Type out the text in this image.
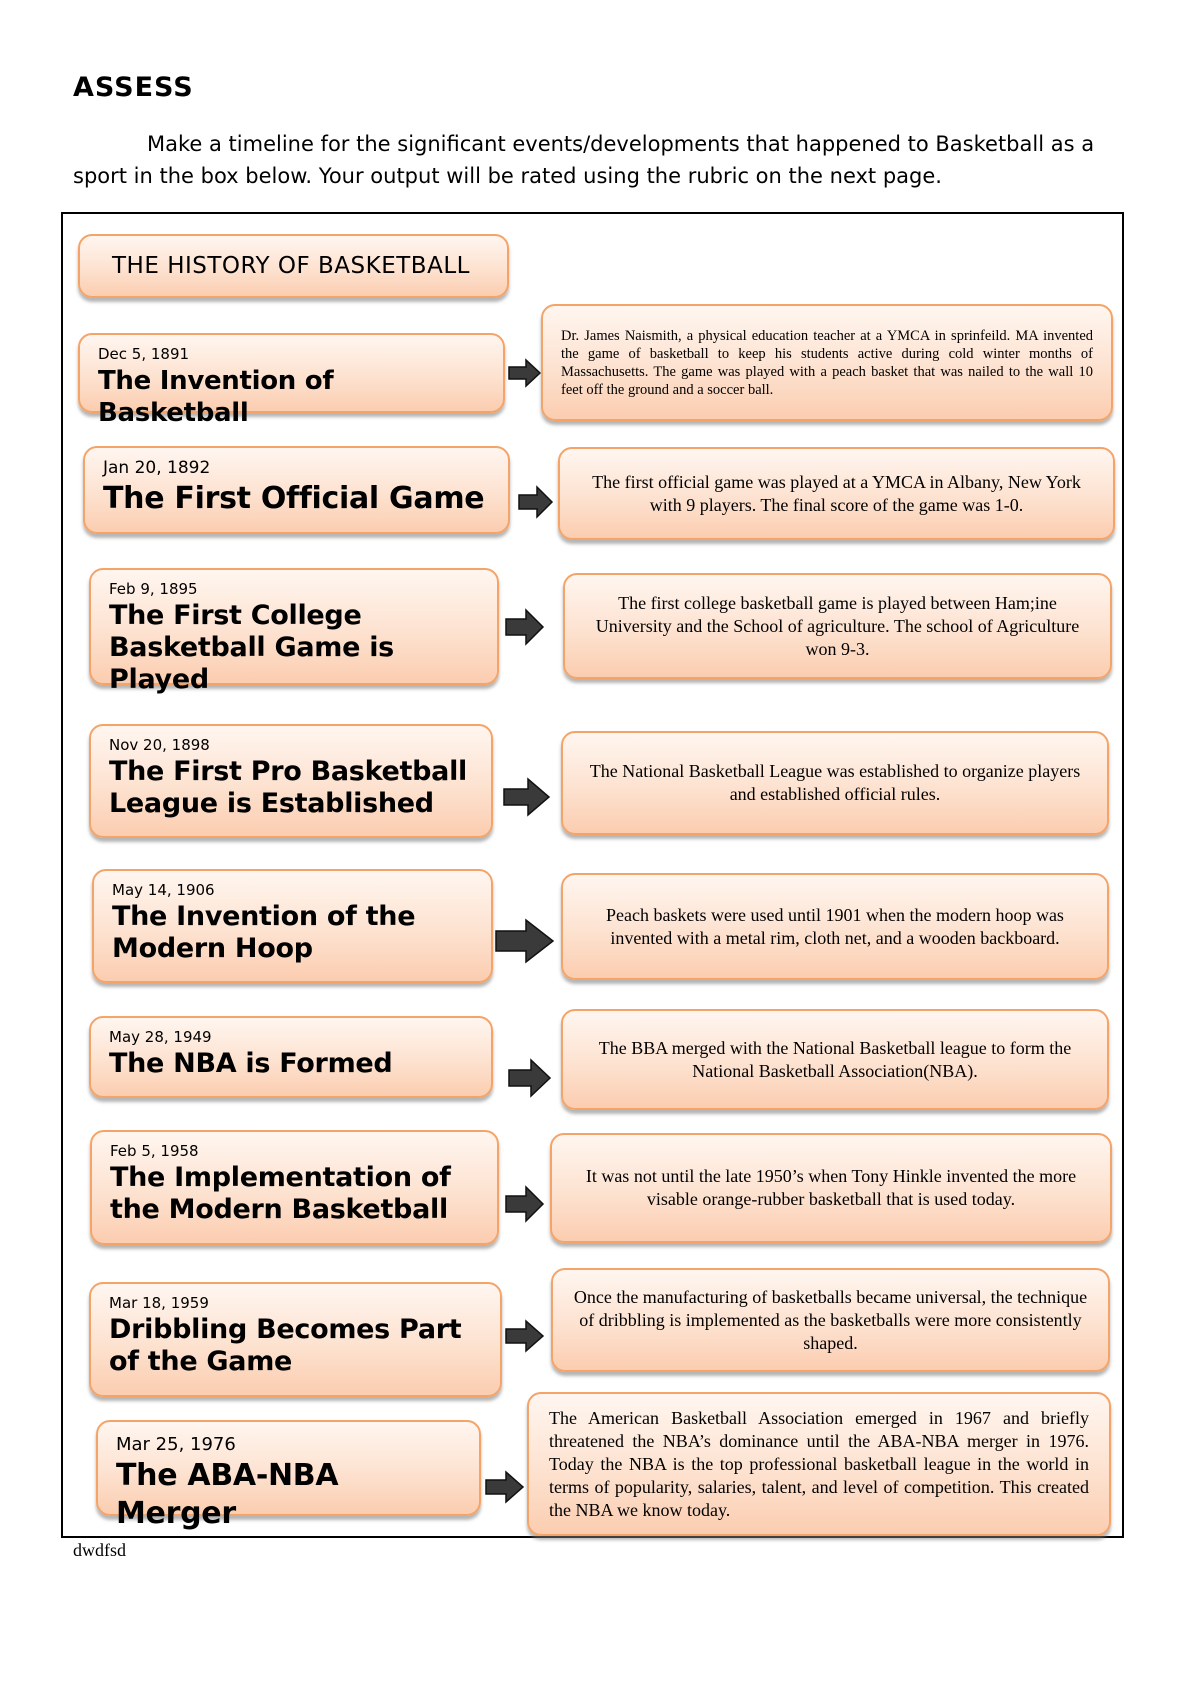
ASSESS
Make a timeline for the significant events/developments that happened to Basketball as a sport in the box below. Your output will be rated using the rubric on the next page.
THE HISTORY OF BASKETBALL
Dec 5, 1891
The Invention of Basketball
Dr. James Naismith, a physical education teacher at a YMCA in sprinfeild. MA invented the game of basketball to keep his students active during cold winter months of Massachusetts. The game was played with a peach basket that was nailed to the wall 10 feet off the ground and a soccer ball.
Jan 20, 1892
The First Official Game	The first official game was played at a YMCA in Albany, New York with 9 players. The final score of the game was 1-0.
Feb 9, 1895
The First College Basketball Game is Played
The first college basketball game is played between Ham;ine University and the School of agriculture. The school of Agriculture won 9-3.
Nov 20, 1898
The First Pro Basketball League is Established
The National Basketball League was established to organize players and established official rules.
May 14, 1906
The Invention of the Modern Hoop
Peach baskets were used until 1901 when the modern hoop was invented with a metal rim, cloth net, and a wooden backboard.
May 28, 1949
The NBA is Formed
The BBA merged with the National Basketball league to form the National Basketball Association(NBA).
Feb 5, 1958
The Implementation of the Modern Basketball
It was not until the late 1950’s when Tony Hinkle invented the more visable orange-rubber basketball that is used today.
Mar 18, 1959
Dribbling Becomes Part of the Game
Once the manufacturing of basketballs became universal, the technique of dribbling is implemented as the basketballs were more consistently shaped.
Mar 25, 1976
The ABA-NBA Merger
The American Basketball Association emerged in 1967 and briefly threatened the NBA’s dominance until the ABA-NBA merger in 1976. Today the NBA is the top professional basketball league in the world in terms of popularity, salaries, talent, and level of competition. This created the NBA we know today.
dwdfsd
